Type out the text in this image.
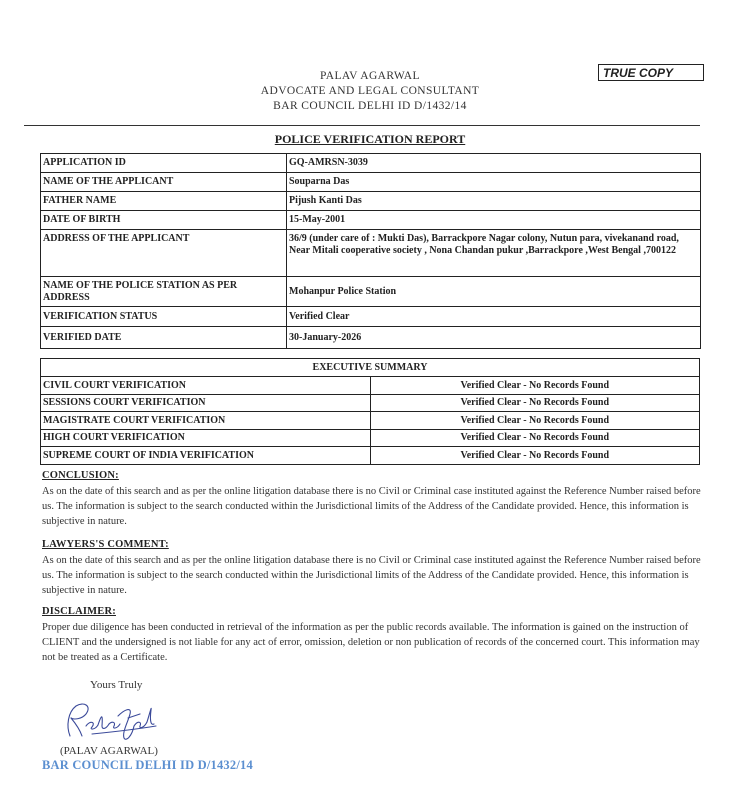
PALAV AGARWAL
ADVOCATE AND LEGAL CONSULTANT
BAR COUNCIL DELHI ID D/1432/14
TRUE COPY
POLICE VERIFICATION REPORT
APPLICATION ID	GQ-AMRSN-3039
NAME OF THE APPLICANT	Souparna Das
FATHER NAME	Pijush Kanti Das
DATE OF BIRTH	15-May-2001
ADDRESS OF THE APPLICANT	36/9 (under care of : Mukti Das), Barrackpore Nagar colony, Nutun para, vivekanand road, Near Mitali cooperative society , Nona Chandan pukur ,Barrackpore ,West Bengal ,700122
NAME OF THE POLICE STATION AS PER ADDRESS	Mohanpur Police Station
VERIFICATION STATUS	Verified Clear
VERIFIED DATE	30-January-2026
EXECUTIVE SUMMARY	
CIVIL COURT VERIFICATION	Verified Clear - No Records Found
SESSIONS COURT VERIFICATION	Verified Clear - No Records Found
MAGISTRATE COURT VERIFICATION	Verified Clear - No Records Found
HIGH COURT VERIFICATION	Verified Clear - No Records Found
SUPREME COURT OF INDIA VERIFICATION	Verified Clear - No Records Found
CONCLUSION:
As on the date of this search and as per the online litigation database there is no Civil or Criminal case instituted against the Reference Number raised before us. The information is subject to the search conducted within the Jurisdictional limits of the Address of the Candidate provided. Hence, this information is subjective in nature.
LAWYERS'S COMMENT:
As on the date of this search and as per the online litigation database there is no Civil or Criminal case instituted against the Reference Number raised before us. The information is subject to the search conducted within the Jurisdictional limits of the Address of the Candidate provided. Hence, this information is subjective in nature.
DISCLAIMER:
Proper due diligence has been conducted in retrieval of the information as per the public records available. The information is gained on the instruction of CLIENT and the undersigned is not liable for any act of error, omission, deletion or non publication of records of the concerned court. This information may not be treated as a Certificate.
Yours Truly
(PALAV AGARWAL)
BAR COUNCIL DELHI ID D/1432/14
